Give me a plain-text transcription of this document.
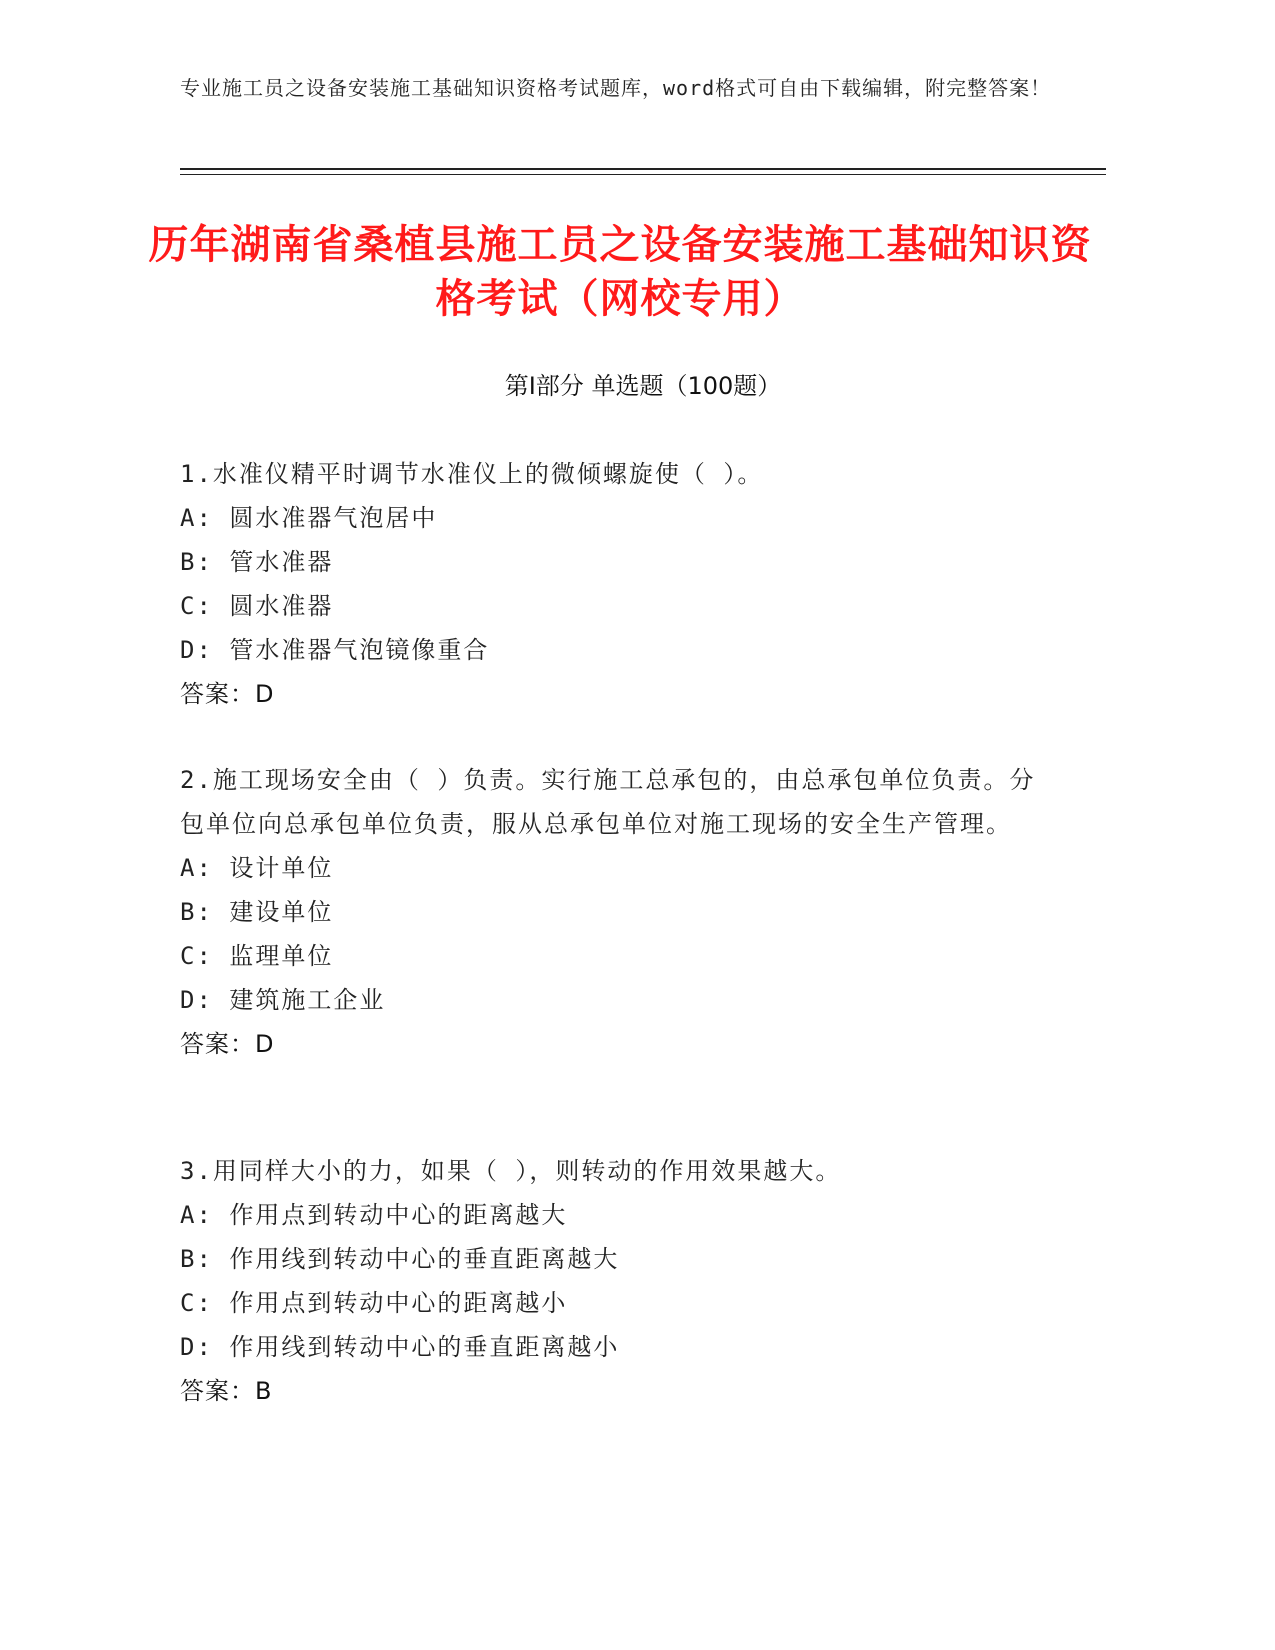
专业施工员之设备安装施工基础知识资格考试题库，word格式可自由下载编辑，附完整答案！
历年湖南省桑植县施工员之设备安装施工基础知识资格考试（网校专用）
第Ⅰ部分 单选题（100题）
1.水准仪精平时调节水准仪上的微倾螺旋使（ ）。
A: 圆水准器气泡居中
B: 管水准器
C: 圆水准器
D: 管水准器气泡镜像重合
答案：D
2.施工现场安全由（ ）负责。实行施工总承包的，由总承包单位负责。分包单位向总承包单位负责，服从总承包单位对施工现场的安全生产管理。
A: 设计单位
B: 建设单位
C: 监理单位
D: 建筑施工企业
答案：D
3.用同样大小的力，如果（ ），则转动的作用效果越大。
A: 作用点到转动中心的距离越大
B: 作用线到转动中心的垂直距离越大
C: 作用点到转动中心的距离越小
D: 作用线到转动中心的垂直距离越小
答案：B
